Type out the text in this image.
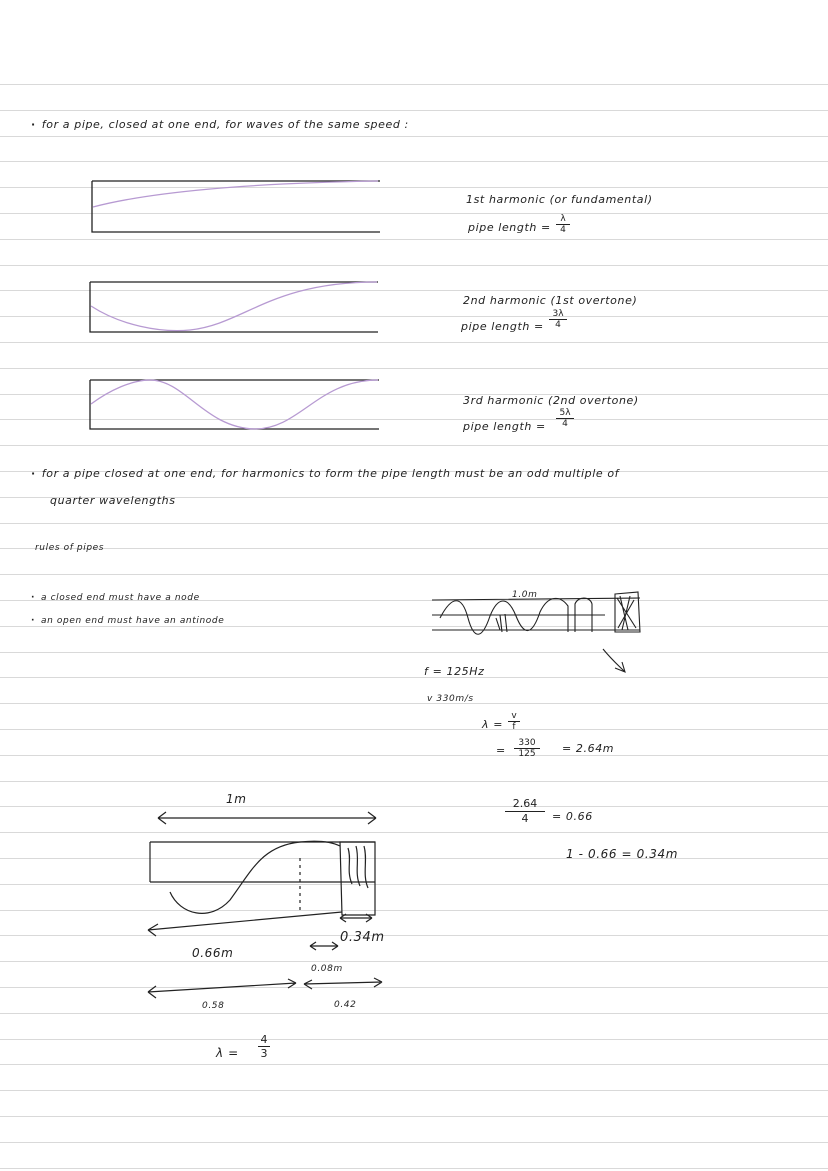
· for a pipe, closed at one end, for waves of the same speed :
1st harmonic (or fundamental)
pipe length = $\frac{\lambda}{4}$
2nd harmonic (1st overtone)
pipe length = $\frac{3\lambda}{4}$
3rd harmonic (2nd overtone)
pipe length = $\frac{5\lambda}{4}$
· for a pipe closed at one end, for harmonics to form the pipe length must be an odd multiple of
quarter wavelengths
rules of pipes
· a closed end must have a node
· an open end must have an antinode
1.0m
f = 125Hz
v 330m/s
$\lambda = \frac{v}{f}$
= $\frac{330}{125} = 2.64m$
$\frac{2.64}{4} = 0.66$
1 - 0.66 = 0.34m
1m
0.66m
0.34m
0.08m
0.58	0.42
$\lambda = \frac{4}{3}$
